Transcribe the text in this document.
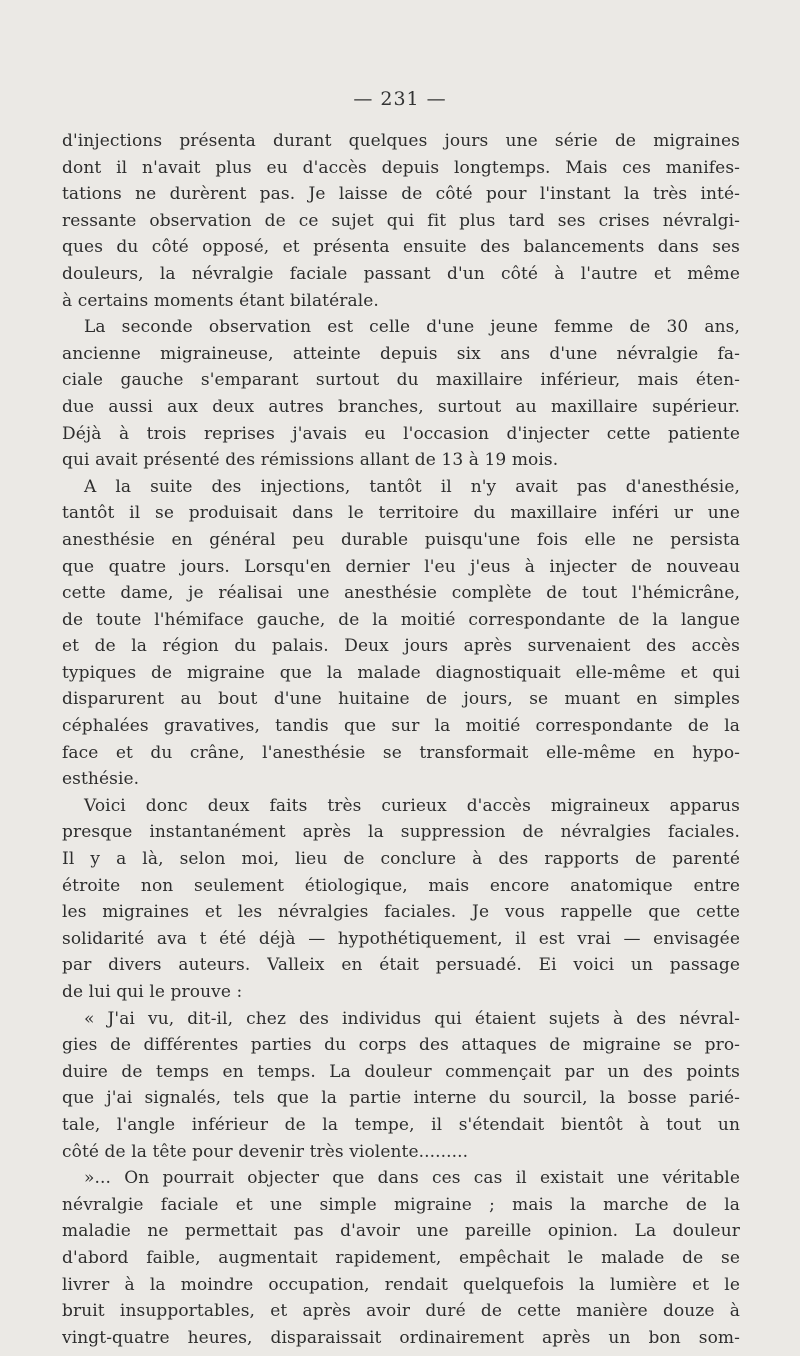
— 231 —
d'injections présenta durant quelques jours une série de migraines
dont il n'avait plus eu d'accès depuis longtemps. Mais ces manifes-
tations ne durèrent pas. Je laisse de côté pour l'instant la très inté-
ressante observation de ce sujet qui fit plus tard ses crises névralgi-
ques du côté opposé, et présenta ensuite des balancements dans ses
douleurs, la névralgie faciale passant d'un côté à l'autre et même
à certains moments étant bilatérale.
La seconde observation est celle d'une jeune femme de 30 ans,
ancienne migraineuse, atteinte depuis six ans d'une névralgie fa-
ciale gauche s'emparant surtout du maxillaire inférieur, mais éten-
due aussi aux deux autres branches, surtout au maxillaire supérieur.
Déjà à trois reprises j'avais eu l'occasion d'injecter cette patiente
qui avait présenté des rémissions allant de 13 à 19 mois.
A la suite des injections, tantôt il n'y avait pas d'anesthésie,
tantôt il se produisait dans le territoire du maxillaire inféri ur une
anesthésie en général peu durable puisqu'une fois elle ne persista
que quatre jours. Lorsqu'en dernier l'eu j'eus à injecter de nouveau
cette dame, je réalisai une anesthésie complète de tout l'hémicrâne,
de toute l'hémiface gauche, de la moitié correspondante de la langue
et de la région du palais. Deux jours après survenaient des accès
typiques de migraine que la malade diagnostiquait elle-même et qui
disparurent au bout d'une huitaine de jours, se muant en simples
céphalées gravatives, tandis que sur la moitié correspondante de la
face et du crâne, l'anesthésie se transformait elle-même en hypo-
esthésie.
Voici donc deux faits très curieux d'accès migraineux apparus
presque instantanément après la suppression de névralgies faciales.
Il y a là, selon moi, lieu de conclure à des rapports de parenté
étroite non seulement étiologique, mais encore anatomique entre
les migraines et les névralgies faciales. Je vous rappelle que cette
solidarité ava t été déjà — hypothétiquement, il est vrai — envisagée
par divers auteurs. Valleix en était persuadé. Ei voici un passage
de lui qui le prouve :
« J'ai vu, dit-il, chez des individus qui étaient sujets à des névral-
gies de différentes parties du corps des attaques de migraine se pro-
duire de temps en temps. La douleur commençait par un des points
que j'ai signalés, tels que la partie interne du sourcil, la bosse parié-
tale, l'angle inférieur de la tempe, il s'étendait bientôt à tout un
côté de la tête pour devenir très violente.........
»... On pourrait objecter que dans ces cas il existait une véritable
névralgie faciale et une simple migraine ; mais la marche de la
maladie ne permettait pas d'avoir une pareille opinion. La douleur
d'abord faible, augmentait rapidement, empêchait le malade de se
livrer à la moindre occupation, rendait quelquefois la lumière et le
bruit insupportables, et après avoir duré de cette manière douze à
vingt-quatre heures, disparaissait ordinairement après un bon som-
